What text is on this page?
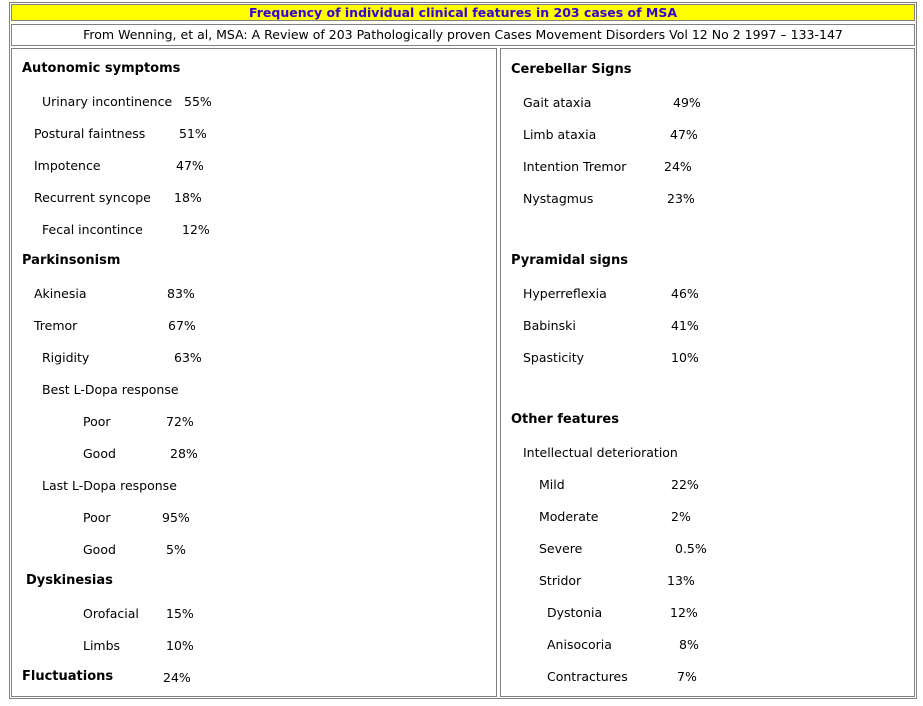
Frequency of individual clinical features in 203 cases of MSA
From Wenning, et al, MSA: A Review of 203 Pathologically proven Cases Movement Disorders Vol 12 No 2 1997 – 133-147
Autonomic symptoms
Urinary incontinence 55%
Postural faintness	51%
Impotence	47%
Recurrent syncope 18%
Fecal incontince	12%
Parkinsonism
Akinesia	83%
Tremor	67%
Rigidity	63%
Best L-Dopa response
Poor	72%
Good	28%
Last L-Dopa response
Poor	95%
Good	5%
Dyskinesias
Orofacial 15%
Limbs	10%
Fluctuations	24%
Cerebellar Signs
Gait ataxia	49%
Limb ataxia	47%
Intention Tremor	24%
Nystagmus	23%
Pyramidal signs
Hyperreflexia	46%
Babinski	41%
Spasticity	10%
Other features
Intellectual deterioration
Mild	22%
Moderate	2%
Severe	0.5%
Stridor	13%
Dystonia	12%
Anisocoria	8%
Contractures	7%
